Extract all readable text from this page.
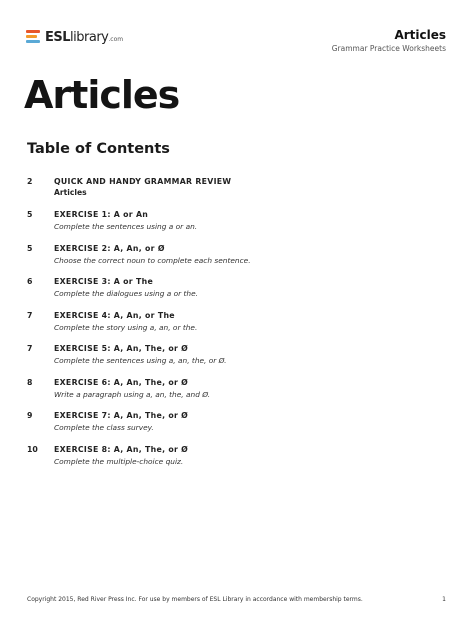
ESLlibrary.com	Articles
Grammar Practice Worksheets
Articles
Table of Contents
2	QUICK AND HANDY GRAMMAR REVIEW
Articles
5	EXERCISE 1: A or An
Complete the sentences using a or an.
5	EXERCISE 2: A, An, or Ø
Choose the correct noun to complete each sentence.
6	EXERCISE 3: A or The
Complete the dialogues using a or the.
7	EXERCISE 4: A, An, or The
Complete the story using a, an, or the.
7	EXERCISE 5: A, An, The, or Ø
Complete the sentences using a, an, the, or Ø.
8	EXERCISE 6: A, An, The, or Ø
Write a paragraph using a, an, the, and Ø.
9	EXERCISE 7: A, An, The, or Ø
Complete the class survey.
10	EXERCISE 8: A, An, The, or Ø
Complete the multiple-choice quiz.
Copyright 2015, Red River Press Inc. For use by members of ESL Library in accordance with membership terms.	1
